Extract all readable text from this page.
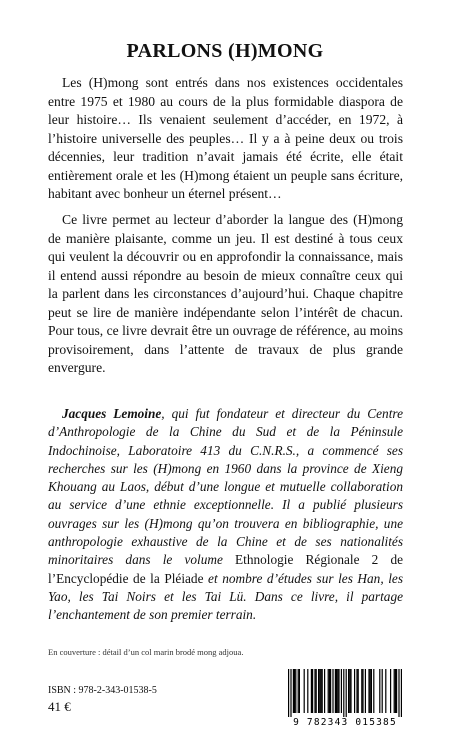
PARLONS (H)MONG
Les (H)mong sont entrés dans nos existences occidentales entre 1975 et 1980 au cours de la plus formidable diaspora de leur histoire… Ils venaient seulement d’accéder, en 1972, à l’histoire universelle des peuples… Il y a à peine deux ou trois décennies, leur tradition n’avait jamais été écrite, elle était entièrement orale et les (H)mong étaient un peuple sans écriture, habitant avec bonheur un éternel présent…
Ce livre permet au lecteur d’aborder la langue des (H)mong de manière plaisante, comme un jeu. Il est destiné à tous ceux qui veulent la découvrir ou en approfondir la connaissance, mais il entend aussi répondre au besoin de mieux connaître ceux qui la parlent dans les circonstances d’aujourd’hui. Chaque chapitre peut se lire de manière indépendante selon l’intérêt de chacun. Pour tous, ce livre devrait être un ouvrage de référence, au moins provisoirement, dans l’attente de travaux de plus grande envergure.
Jacques Lemoine, qui fut fondateur et directeur du Centre d’Anthropologie de la Chine du Sud et de la Péninsule Indochinoise, Laboratoire 413 du C.N.R.S., a commencé ses recherches sur les (H)mong en 1960 dans la province de Xieng Khouang au Laos, début d’une longue et mutuelle collaboration au service d’une ethnie exceptionnelle. Il a publié plusieurs ouvrages sur les (H)mong qu’on trouvera en bibliographie, une anthropologie exhaustive de la Chine et de ses nationalités minoritaires dans le volume Ethnologie Régionale 2 de l’Encyclopédie de la Pléiade et nombre d’études sur les Han, les Yao, les Tai Noirs et les Tai Lü. Dans ce livre, il partage l’enchantement de son premier terrain.
En couverture : détail d’un col marin brodé mong adjoua.
ISBN : 978-2-343-01538-5
41 €
9 782343 015385
